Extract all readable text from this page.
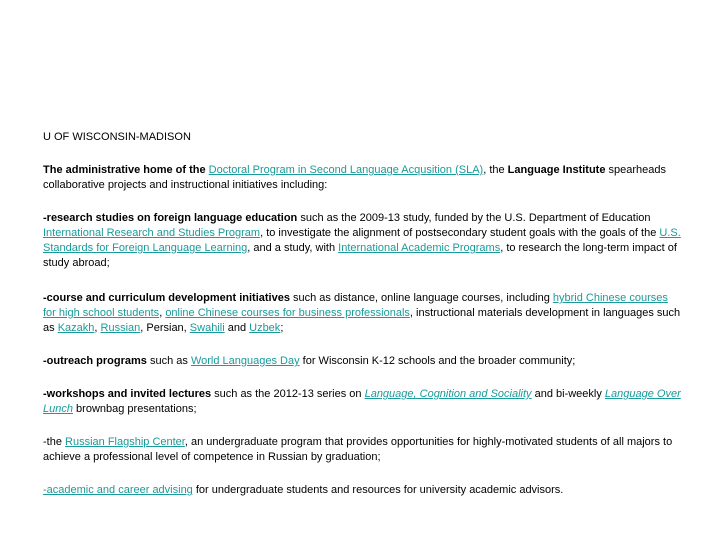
U OF WISCONSIN-MADISON

The administrative home of the Doctoral Program in Second Language Acqusition (SLA), the Language Institute spearheads collaborative projects and instructional initiatives including:

-research studies on foreign language education such as the 2009-13 study, funded by the U.S. Department of Education International Research and Studies Program, to investigate the alignment of postsecondary student goals with the goals of the U.S. Standards for Foreign Language Learning, and a study, with International Academic Programs, to research the long-term impact of study abroad;

-course and curriculum development initiatives such as distance, online language courses, including hybrid Chinese courses for high school students, online Chinese courses for business professionals, instructional materials development in languages such as Kazakh, Russian, Persian, Swahili and Uzbek;

-outreach programs such as World Languages Day for Wisconsin K-12 schools and the broader community;

-workshops and invited lectures such as the 2012-13 series on Language, Cognition and Sociality and bi-weekly Language Over Lunch brownbag presentations;

-the Russian Flagship Center, an undergraduate program that provides opportunities for highly-motivated students of all majors to achieve a professional level of competence in Russian by graduation;

-academic and career advising for undergraduate students and resources for university academic advisors.
